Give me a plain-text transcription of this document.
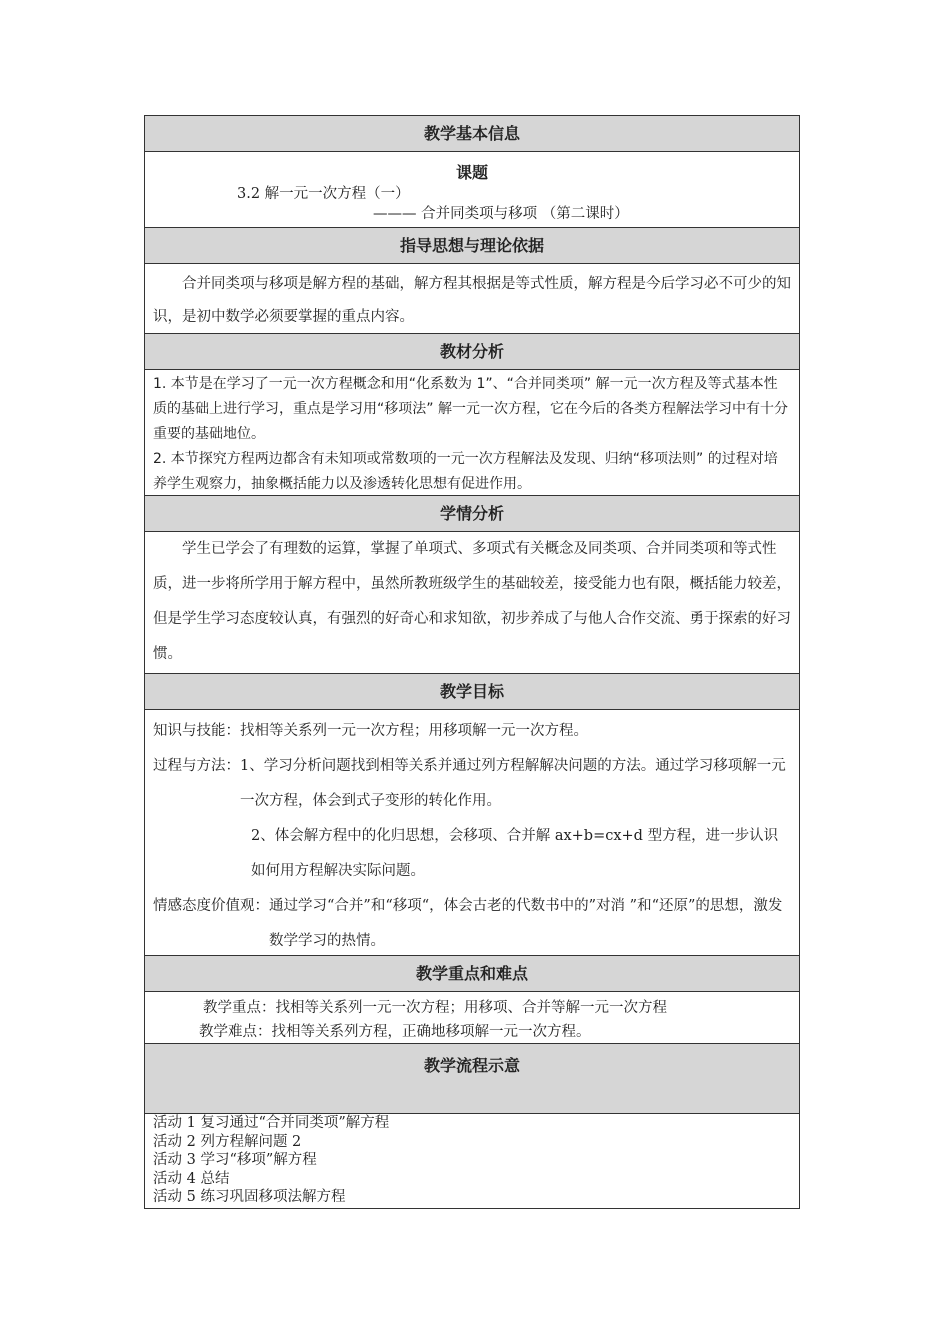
教学基本信息

课题

3.2 解一元一次方程（一）

——— 合并同类项与移项 （第二课时）

指导思想与理论依据

合并同类项与移项是解方程的基础，解方程其根据是等式性质，解方程是今后学习必不可少的知识，是初中数学必须要掌握的重点内容。

教材分析

1. 本节是在学习了一元一次方程概念和用“化系数为 1”、“合并同类项” 解一元一次方程及等式基本性质的基础上进行学习，重点是学习用“移项法” 解一元一次方程，它在今后的各类方程解法学习中有十分重要的基础地位。

2. 本节探究方程两边都含有未知项或常数项的一元一次方程解法及发现、归纳“移项法则” 的过程对培养学生观察力，抽象概括能力以及渗透转化思想有促进作用。

学情分析

学生已学会了有理数的运算，掌握了单项式、多项式有关概念及同类项、合并同类项和等式性质，进一步将所学用于解方程中，虽然所教班级学生的基础较差，接受能力也有限，概括能力较差，但是学生学习态度较认真，有强烈的好奇心和求知欲，初步养成了与他人合作交流、勇于探索的好习惯。

教学目标

知识与技能：找相等关系列一元一次方程；用移项解一元一次方程。

过程与方法： 1、学习分析问题找到相等关系并通过列方程解解决问题的方法。通过学习移项解一元一次方程，体会到式子变形的转化作用。

2、体会解方程中的化归思想，会移项、合并解 ax+b=cx+d 型方程，进一步认识如何用方程解决实际问题。

情感态度价值观： 通过学习“合并”和“移项“，体会古老的代数书中的”对消 ”和“还原”的思想，激发数学学习的热情。
教学重点和难点

教学重点：找相等关系列一元一次方程；用移项、合并等解一元一次方程

教学难点：找相等关系列方程，正确地移项解一元一次方程。

教学流程示意

活动 1 复习通过“合并同类项”解方程

活动 2 列方程解问题 2

活动 3 学习“移项”解方程

活动 4 总结

活动 5 练习巩固移项法解方程
